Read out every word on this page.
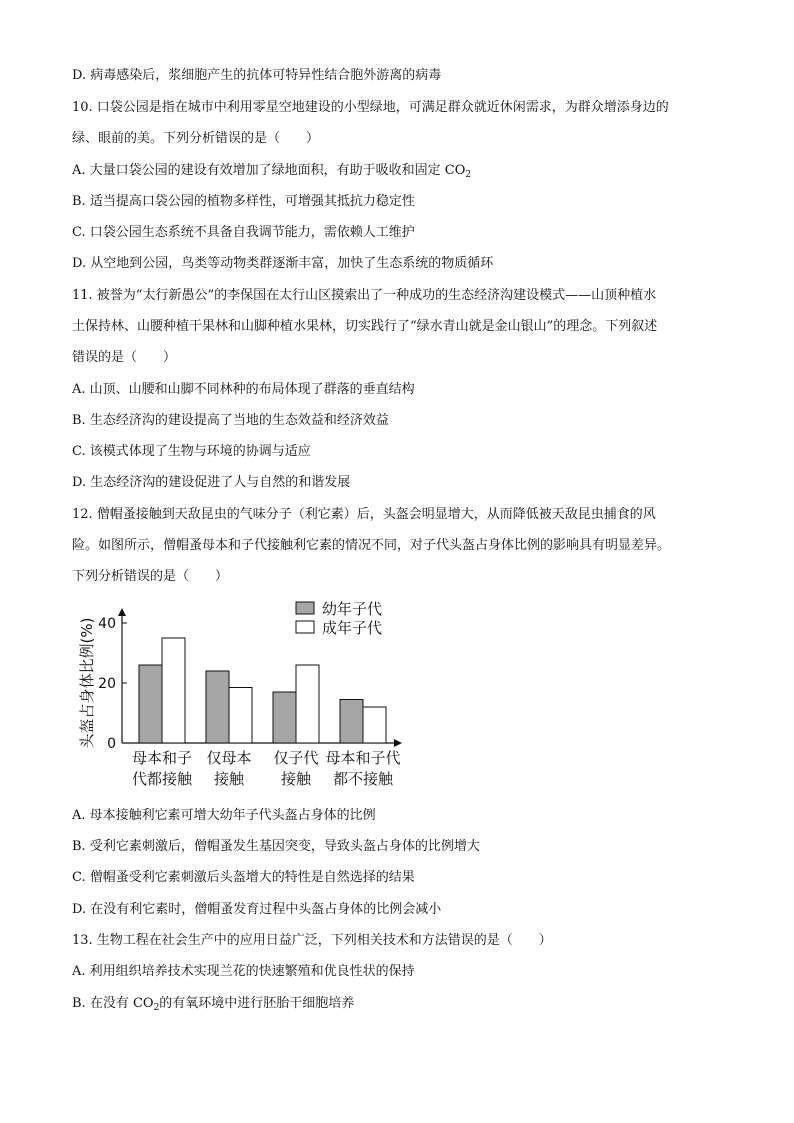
D. 病毒感染后，浆细胞产生的抗体可特异性结合胞外游离的病毒
10. 口袋公园是指在城市中利用零星空地建设的小型绿地，可满足群众就近休闲需求，为群众增添身边的
绿、眼前的美。下列分析错误的是（　　）
A. 大量口袋公园的建设有效增加了绿地面积，有助于吸收和固定 $CO_2$
B. 适当提高口袋公园的植物多样性，可增强其抵抗力稳定性
C. 口袋公园生态系统不具备自我调节能力，需依赖人工维护
D. 从空地到公园，鸟类等动物类群逐渐丰富，加快了生态系统的物质循环
11. 被誉为“太行新愚公”的李保国在太行山区摸索出了一种成功的生态经济沟建设模式——山顶种植水
土保持林、山腰种植干果林和山脚种植水果林，切实践行了“绿水青山就是金山银山”的理念。下列叙述
错误的是（　　）
A. 山顶、山腰和山脚不同林种的布局体现了群落的垂直结构
B. 生态经济沟的建设提高了当地的生态效益和经济效益
C. 该模式体现了生物与环境的协调与适应
D. 生态经济沟的建设促进了人与自然的和谐发展
12. 僧帽蚤接触到天敌昆虫的气味分子（利它素）后，头盔会明显增大，从而降低被天敌昆虫捕食的风
险。如图所示，僧帽蚤母本和子代接触利它素的情况不同，对子代头盔占身体比例的影响具有明显差异。
下列分析错误的是（　　）
0
20
40
头盔占身体比例(%)
母本和子
代都接触
仅母本
接触
仅子代
接触
母本和子代
都不接触
幼年子代
成年子代
A. 母本接触利它素可增大幼年子代头盔占身体的比例
B. 受利它素刺激后，僧帽蚤发生基因突变，导致头盔占身体的比例增大
C. 僧帽蚤受利它素刺激后头盔增大的特性是自然选择的结果
D. 在没有利它素时，僧帽蚤发育过程中头盔占身体的比例会减小
13. 生物工程在社会生产中的应用日益广泛，下列相关技术和方法错误的是（　　）
A. 利用组织培养技术实现兰花的快速繁殖和优良性状的保持
B. 在没有 $CO_2$的有氧环境中进行胚胎干细胞培养
